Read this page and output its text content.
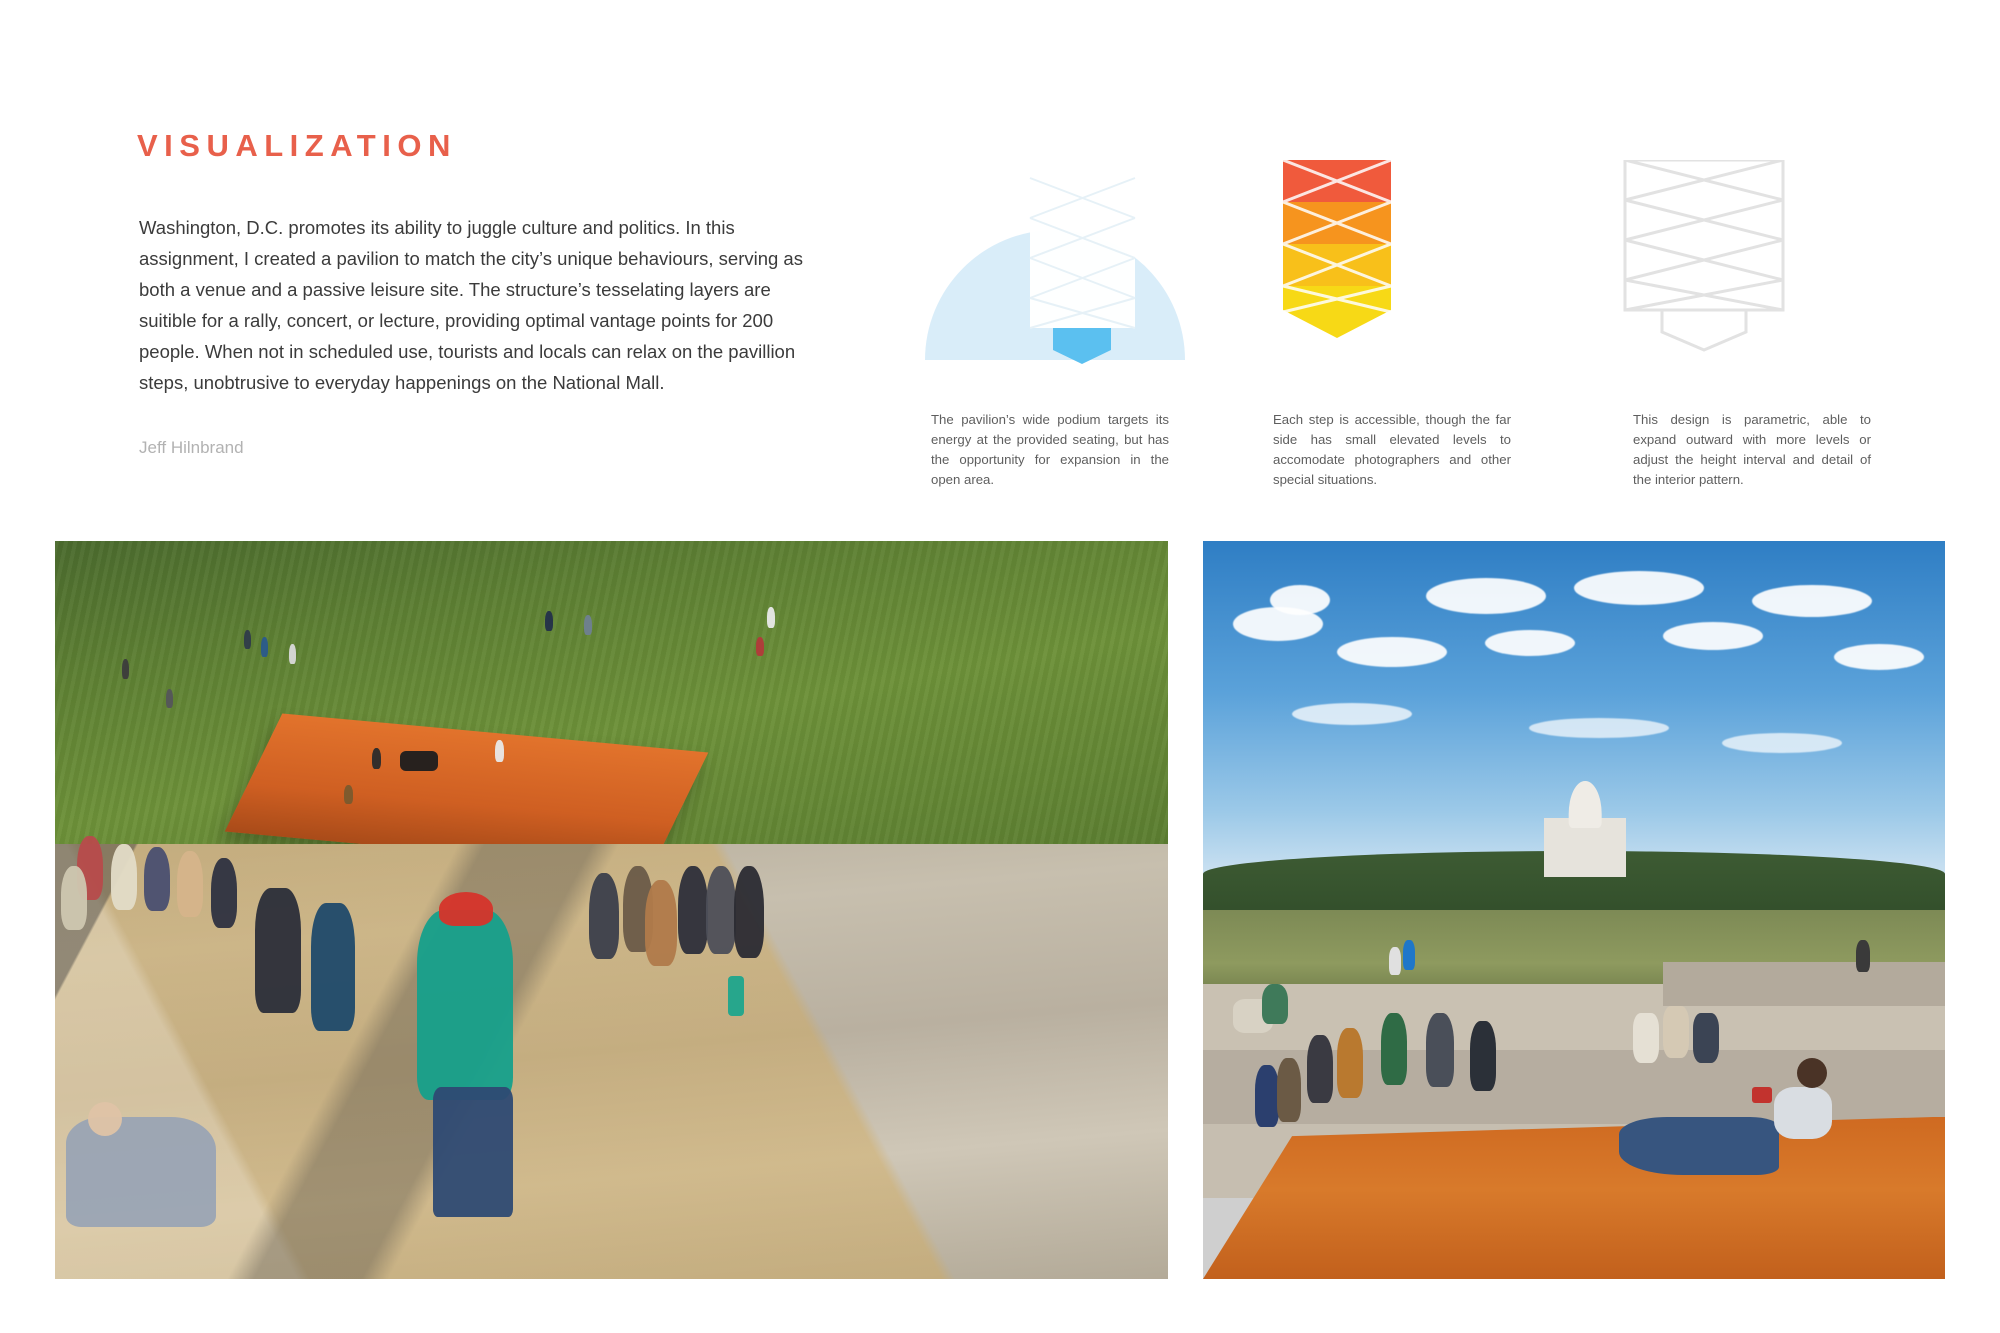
VISUALIZATION
Washington, D.C. promotes its ability to juggle culture and politics. In this assignment, I created a pavilion to match the city’s unique behaviours, serving as both a venue and a passive leisure site. The structure’s tesselating layers are suitible for a rally, concert, or lecture, providing optimal vantage points for 200 people. When not in scheduled use, tourists and locals can relax on the pavillion steps, unobtrusive to everyday happenings on the National Mall.
Jeff Hilnbrand
The pavilion’s wide podium targets its energy at the provided seating, but has the opportunity for expansion in the open area.
Each step is accessible, though the far side has small elevated levels to accomodate photographers and other special situations.
This design is parametric, able to expand outward with more levels or adjust the height interval and detail of the interior pattern.
